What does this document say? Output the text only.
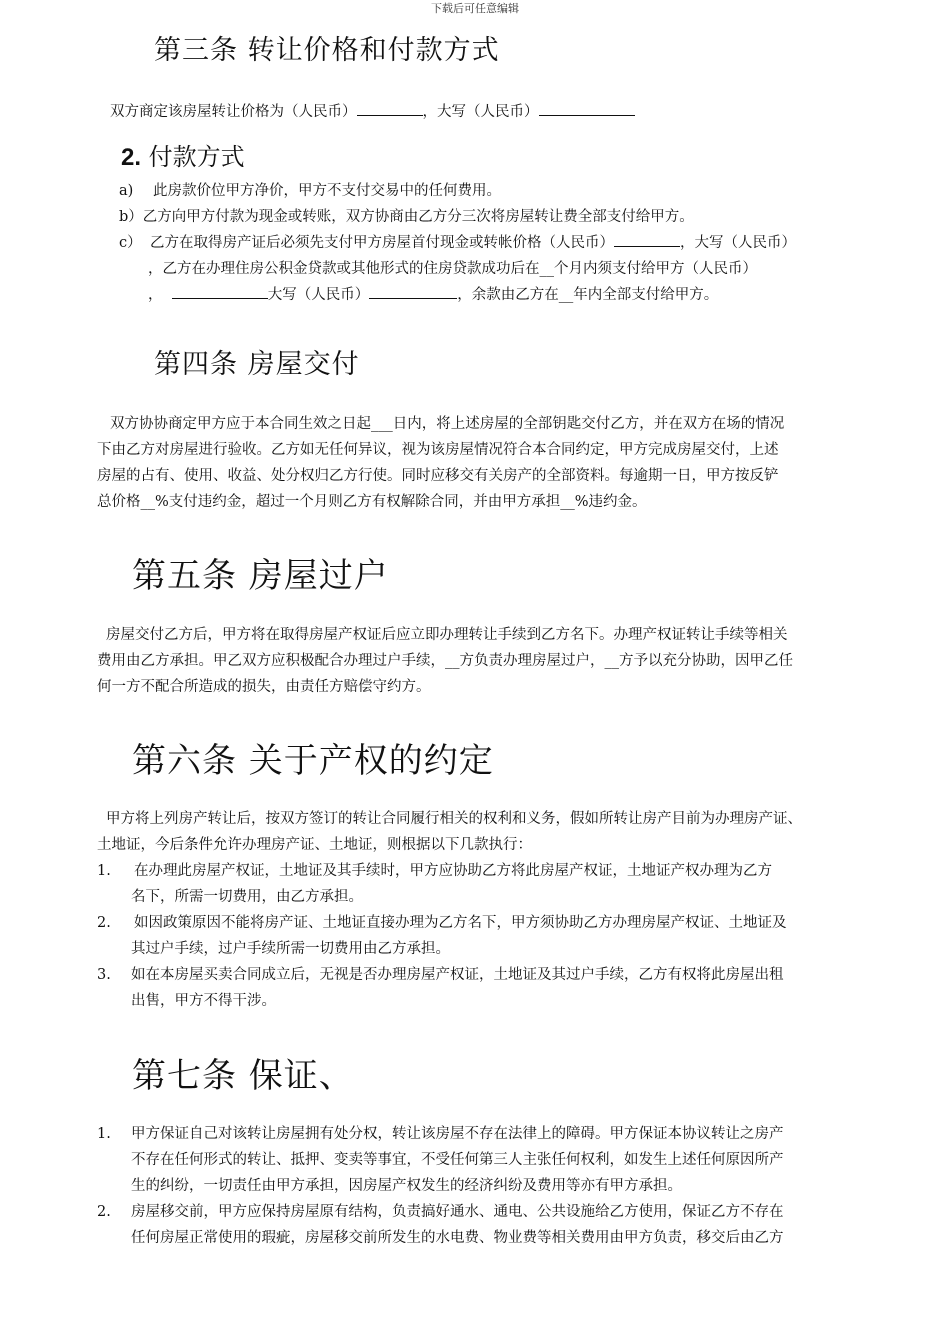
下载后可任意编辑
第三条 转让价格和付款方式
双方商定该房屋转让价格为（人民币）	，大写（人民币）
2. 付款方式
a) 此房款价位甲方净价，甲方不支付交易中的任何费用。
b）乙方向甲方付款为现金或转账，双方协商由乙方分三次将房屋转让费全部支付给甲方。
c） 乙方在取得房产证后必须先支付甲方房屋首付现金或转帐价格（人民币）	，大写（人民币）
，乙方在办理住房公积金贷款或其他形式的住房贷款成功后在__个月内须支付给甲方（人民币）
，	大写（人民币）	，余款由乙方在__年内全部支付给甲方。
第四条 房屋交付
双方协协商定甲方应于本合同生效之日起___日内，将上述房屋的全部钥匙交付乙方，并在双方在场的情况
下由乙方对房屋进行验收。乙方如无任何异议，视为该房屋情况符合本合同约定，甲方完成房屋交付，上述
房屋的占有、使用、收益、处分权归乙方行使。同时应移交有关房产的全部资料。每逾期一日，甲方按反铲
总价格__%支付违约金，超过一个月则乙方有权解除合同，并由甲方承担__%违约金。
第五条 房屋过户
房屋交付乙方后，甲方将在取得房屋产权证后应立即办理转让手续到乙方名下。办理产权证转让手续等相关
费用由乙方承担。甲乙双方应积极配合办理过户手续，__方负责办理房屋过户，__方予以充分协助，因甲乙任
何一方不配合所造成的损失，由责任方赔偿守约方。
第六条 关于产权的约定
甲方将上列房产转让后，按双方签订的转让合同履行相关的权利和义务，假如所转让房产目前为办理房产证、
土地证，今后条件允许办理房产证、土地证，则根据以下几款执行：
1. 在办理此房屋产权证，土地证及其手续时，甲方应协助乙方将此房屋产权证，土地证产权办理为乙方
名下，所需一切费用，由乙方承担。
2. 如因政策原因不能将房产证、土地证直接办理为乙方名下，甲方须协助乙方办理房屋产权证、土地证及
其过户手续，过户手续所需一切费用由乙方承担。
3. 如在本房屋买卖合同成立后，无视是否办理房屋产权证，土地证及其过户手续，乙方有权将此房屋出租
出售，甲方不得干涉。
第七条 保证、
1. 甲方保证自己对该转让房屋拥有处分权，转让该房屋不存在法律上的障碍。甲方保证本协议转让之房产
不存在任何形式的转让、抵押、变卖等事宜，不受任何第三人主张任何权利，如发生上述任何原因所产
生的纠纷，一切责任由甲方承担，因房屋产权发生的经济纠纷及费用等亦有甲方承担。
2. 房屋移交前，甲方应保持房屋原有结构，负责搞好通水、通电、公共设施给乙方使用，保证乙方不存在
任何房屋正常使用的瑕疵，房屋移交前所发生的水电费、物业费等相关费用由甲方负责，移交后由乙方
